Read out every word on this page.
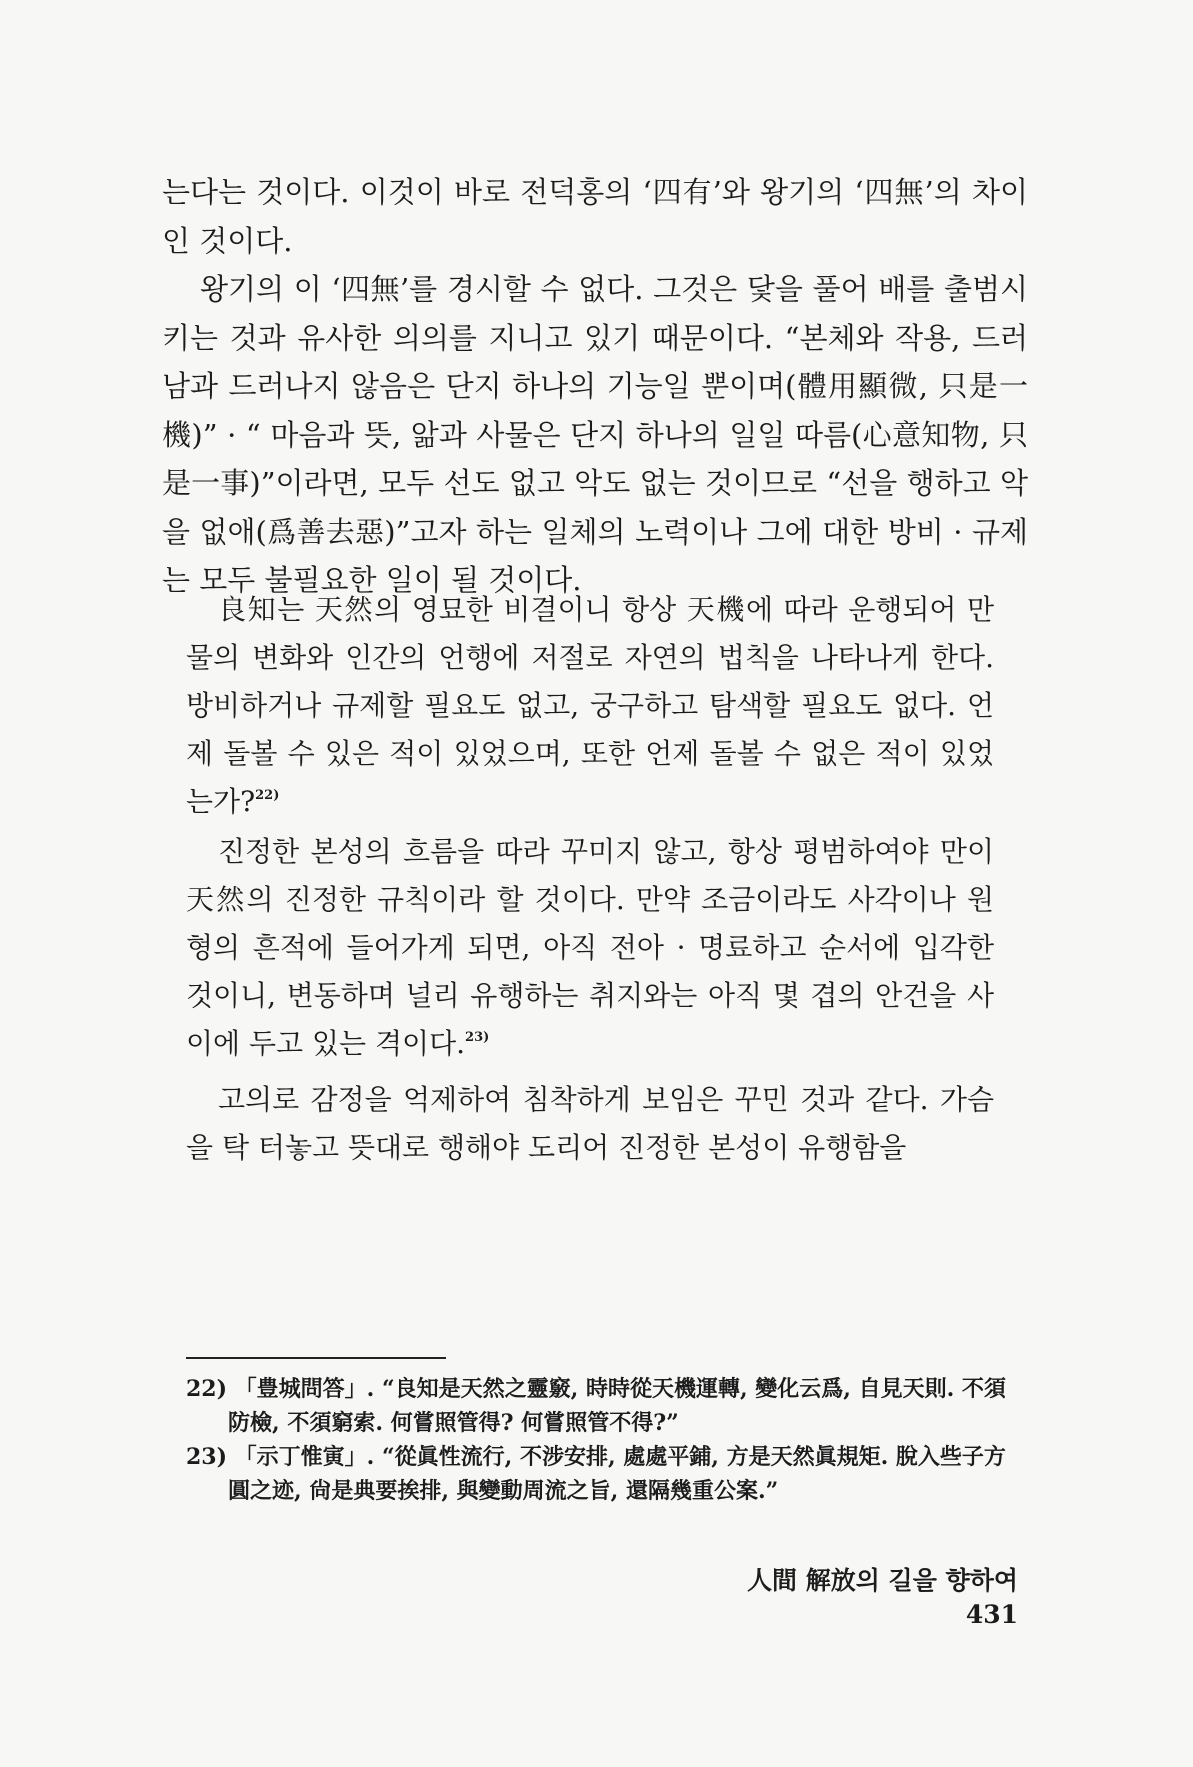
는다는 것이다. 이것이 바로 전덕홍의 ‘四有’와 왕기의 ‘四無’의 차이인 것이다.

왕기의 이 ‘四無’를 경시할 수 없다. 그것은 닻을 풀어 배를 출범시키는 것과 유사한 의의를 지니고 있기 때문이다. “본체와 작용, 드러남과 드러나지 않음은 단지 하나의 기능일 뿐이며(體用顯微, 只是一機)” · “ 마음과 뜻, 앎과 사물은 단지 하나의 일일 따름(心意知物, 只是一事)”이라면, 모두 선도 없고 악도 없는 것이므로 “선을 행하고 악을 없애(爲善去惡)”고자 하는 일체의 노력이나 그에 대한 방비 · 규제는 모두 불필요한 일이 될 것이다.

良知는 天然의 영묘한 비결이니 항상 天機에 따라 운행되어 만물의 변화와 인간의 언행에 저절로 자연의 법칙을 나타나게 한다. 방비하거나 규제할 필요도 없고, 궁구하고 탐색할 필요도 없다. 언제 돌볼 수 있은 적이 있었으며, 또한 언제 돌볼 수 없은 적이 있었는가?$^{22)}$

진정한 본성의 흐름을 따라 꾸미지 않고, 항상 평범하여야 만이 天然의 진정한 규칙이라 할 것이다. 만약 조금이라도 사각이나 원형의 흔적에 들어가게 되면, 아직 전아 · 명료하고 순서에 입각한 것이니, 변동하며 널리 유행하는 취지와는 아직 몇 겹의 안건을 사이에 두고 있는 격이다.$^{23)}$

고의로 감정을 억제하여 침착하게 보임은 꾸민 것과 같다. 가슴을 탁 터놓고 뜻대로 행해야 도리어 진정한 본성이 유행함을

22) 「豊城問答」. “良知是天然之靈竅, 時時從天機運轉, 變化云爲, 自見天則. 不須防檢, 不須窮索. 何嘗照管得? 何嘗照管不得?”

23) 「示丁惟寅」. “從眞性流行, 不涉安排, 處處平鋪, 方是天然眞規矩. 脫入些子方圓之迹, 尙是典要挨排, 與變動周流之旨, 還隔幾重公案.”

人間 解放의 길을 향하여431
